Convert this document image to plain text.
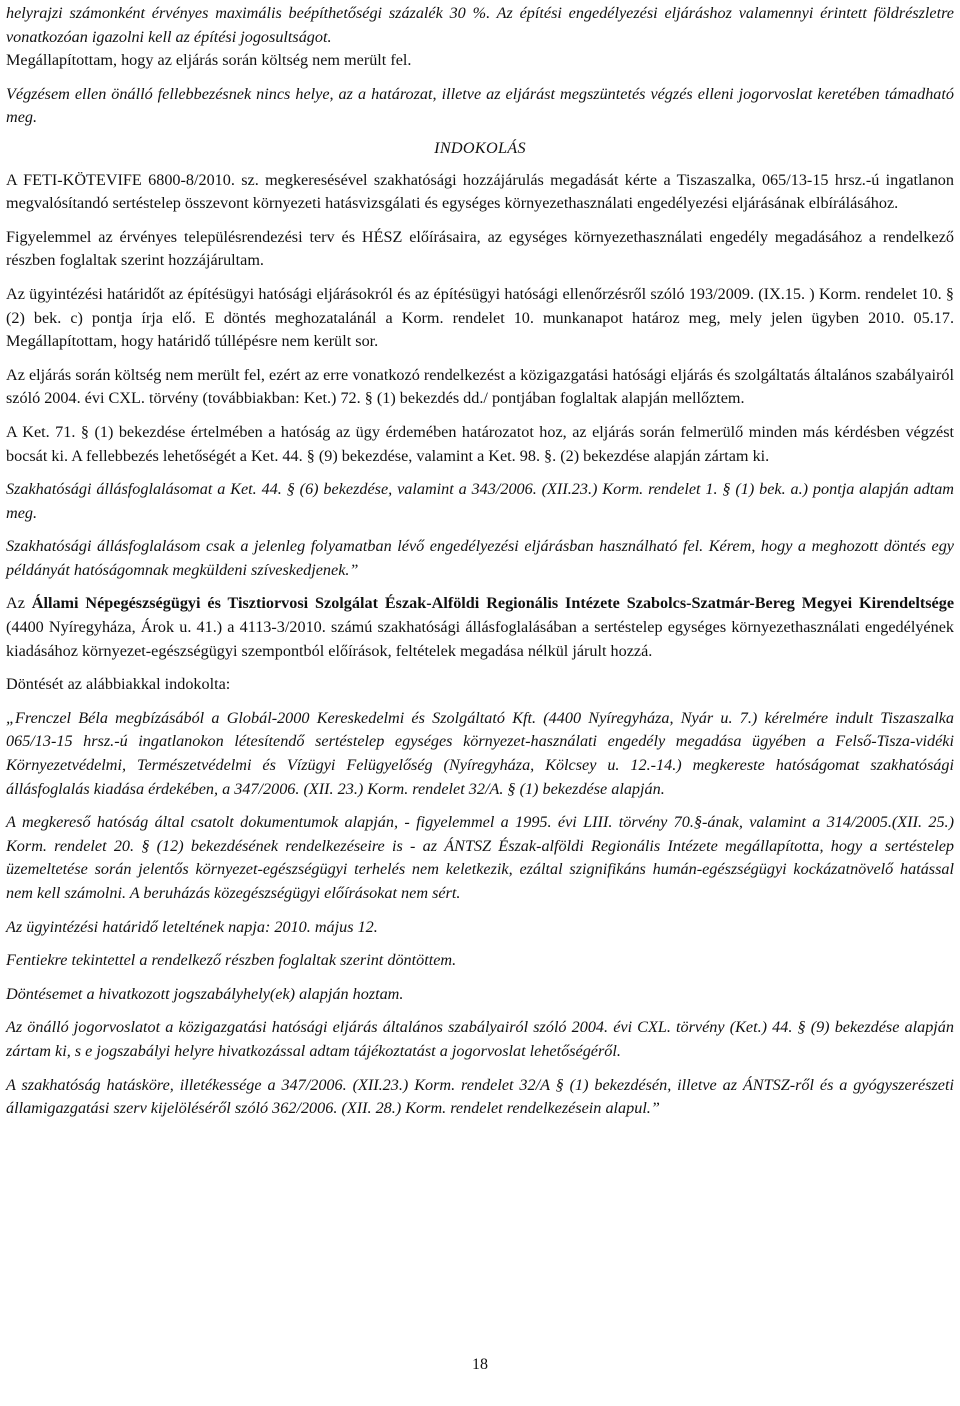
helyrajzi számonként érvényes maximális beépíthetőségi százalék 30 %. Az építési engedélyezési eljáráshoz valamennyi érintett földrészletre vonatkozóan igazolni kell az építési jogosultságot.

Megállapítottam, hogy az eljárás során költség nem merült fel.

Végzésem ellen önálló fellebbezésnek nincs helye, az a határozat, illetve az eljárást megszüntetés végzés elleni jogorvoslat keretében támadható meg.

INDOKOLÁS

A FETI-KÖTEVIFE 6800-8/2010. sz. megkeresésével szakhatósági hozzájárulás megadását kérte a Tiszaszalka, 065/13-15 hrsz.-ú ingatlanon megvalósítandó sertéstelep összevont környezeti hatásvizsgálati és egységes környezethasználati engedélyezési eljárásának elbírálásához.

Figyelemmel az érvényes településrendezési terv és HÉSZ előírásaira, az egységes környezethasználati engedély megadásához a rendelkező részben foglaltak szerint hozzájárultam.

Az ügyintézési határidőt az építésügyi hatósági eljárásokról és az építésügyi hatósági ellenőrzésről szóló 193/2009. (IX.15. ) Korm. rendelet 10. § (2) bek. c) pontja írja elő. E döntés meghozatalánál a Korm. rendelet 10. munkanapot határoz meg, mely jelen ügyben 2010. 05.17. Megállapítottam, hogy határidő túllépésre nem került sor.

Az eljárás során költség nem merült fel, ezért az erre vonatkozó rendelkezést a közigazgatási hatósági eljárás és szolgáltatás általános szabályairól szóló 2004. évi CXL. törvény (továbbiakban: Ket.) 72. § (1) bekezdés dd./ pontjában foglaltak alapján mellőztem.

A Ket. 71. § (1) bekezdése értelmében a hatóság az ügy érdemében határozatot hoz, az eljárás során felmerülő minden más kérdésben végzést bocsát ki. A fellebbezés lehetőségét a Ket. 44. § (9) bekezdése, valamint a Ket. 98. §. (2) bekezdése alapján zártam ki.

Szakhatósági állásfoglalásomat a Ket. 44. § (6) bekezdése, valamint a 343/2006. (XII.23.) Korm. rendelet 1. § (1) bek. a.) pontja alapján adtam meg.

Szakhatósági állásfoglalásom csak a jelenleg folyamatban lévő engedélyezési eljárásban használható fel. Kérem, hogy a meghozott döntés egy példányát hatóságomnak megküldeni szíveskedjenek.”

Az Állami Népegészségügyi és Tisztiorvosi Szolgálat Észak-Alföldi Regionális Intézete Szabolcs-Szatmár-Bereg Megyei Kirendeltsége (4400 Nyíregyháza, Árok u. 41.) a 4113-3/2010. számú szakhatósági állásfoglalásában a sertéstelep egységes környezethasználati engedélyének kiadásához környezet-egészségügyi szempontból előírások, feltételek megadása nélkül járult hozzá.

Döntését az alábbiakkal indokolta:

„Frenczel Béla megbízásából a Globál-2000 Kereskedelmi és Szolgáltató Kft. (4400 Nyíregyháza, Nyár u. 7.) kérelmére indult Tiszaszalka 065/13-15 hrsz.-ú ingatlanokon létesítendő sertéstelep egységes környezet-használati engedély megadása ügyében a Felső-Tisza-vidéki Környezetvédelmi, Természetvédelmi és Vízügyi Felügyelőség (Nyíregyháza, Kölcsey u. 12.-14.) megkereste hatóságomat szakhatósági állásfoglalás kiadása érdekében, a 347/2006. (XII. 23.) Korm. rendelet 32/A. § (1) bekezdése alapján.

A megkereső hatóság által csatolt dokumentumok alapján, - figyelemmel a 1995. évi LIII. törvény 70.§-ának, valamint a 314/2005.(XII. 25.) Korm. rendelet 20. § (12) bekezdésének rendelkezéseire is - az ÁNTSZ Észak-alföldi Regionális Intézete megállapította, hogy a sertéstelep üzemeltetése során jelentős környezet-egészségügyi terhelés nem keletkezik, ezáltal szignifikáns humán-egészségügyi kockázatnövelő hatással nem kell számolni. A beruházás közegészségügyi előírásokat nem sért.

Az ügyintézési határidő leteltének napja: 2010. május 12.

Fentiekre tekintettel a rendelkező részben foglaltak szerint döntöttem.

Döntésemet a hivatkozott jogszabályhely(ek) alapján hoztam.

Az önálló jogorvoslatot a közigazgatási hatósági eljárás általános szabályairól szóló 2004. évi CXL. törvény (Ket.) 44. § (9) bekezdése alapján zártam ki, s e jogszabályi helyre hivatkozással adtam tájékoztatást a jogorvoslat lehetőségéről.

A szakhatóság hatásköre, illetékessége a 347/2006. (XII.23.) Korm. rendelet 32/A § (1) bekezdésén, illetve az ÁNTSZ-ről és a gyógyszerészeti államigazgatási szerv kijelöléséről szóló 362/2006. (XII. 28.) Korm. rendelet rendelkezésein alapul.”

18
